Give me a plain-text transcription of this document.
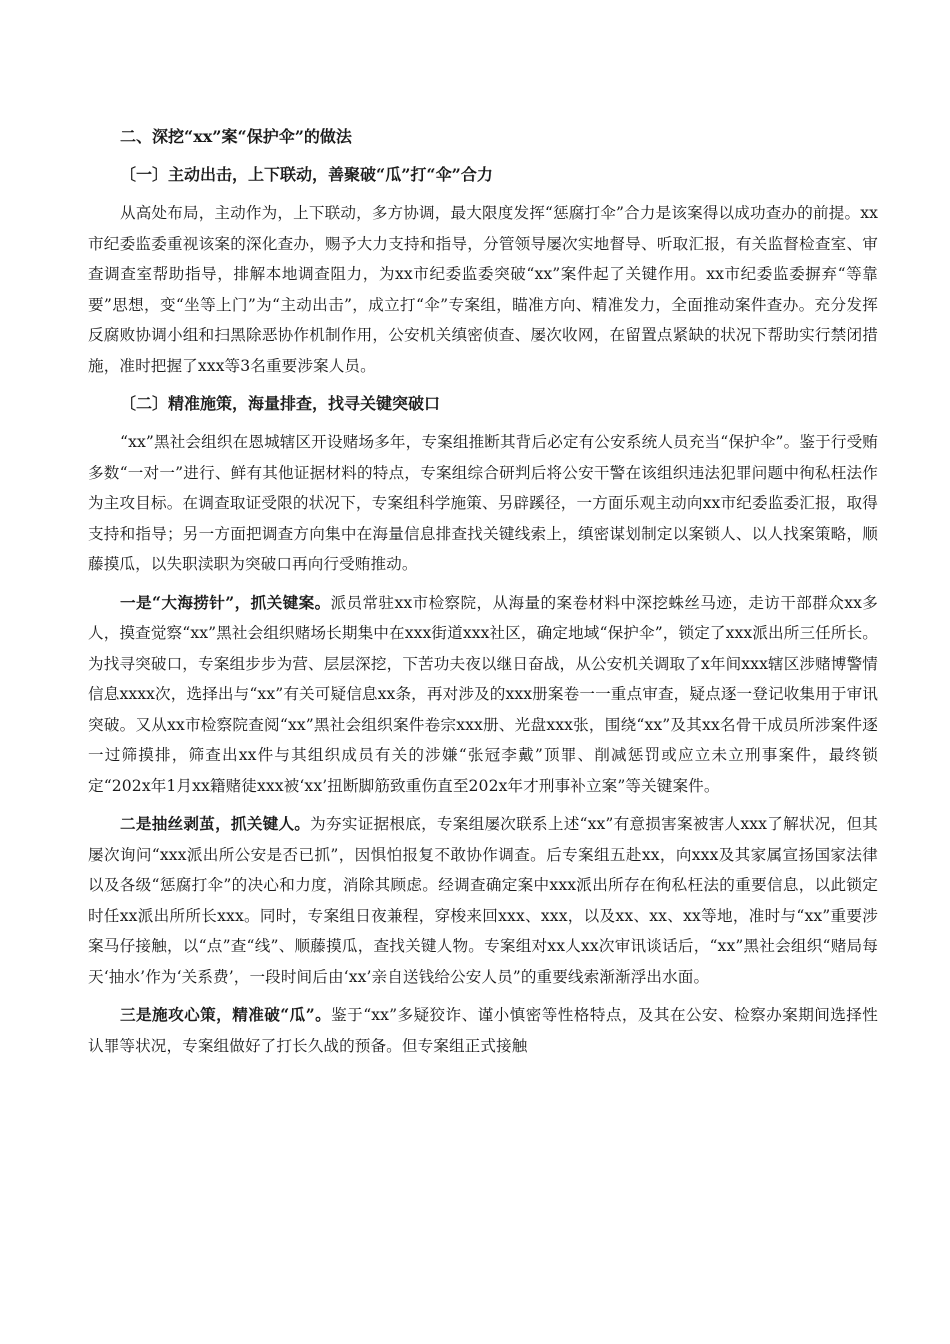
二、深挖“xx”案“保护伞”的做法
〔一〕主动出击，上下联动，善聚破“瓜”打“伞”合力

从高处布局，主动作为，上下联动，多方协调，最大限度发挥“惩腐打伞”合力是该案得以成功查办的前提。xx市纪委监委重视该案的深化查办，赐予大力支持和指导，分管领导屡次实地督导、听取汇报，有关监督检查室、审查调查室帮助指导，排解本地调查阻力，为xx市纪委监委突破“xx”案件起了关键作用。xx市纪委监委摒弃“等靠要”思想，变“坐等上门”为“主动出击”，成立打“伞”专案组，瞄准方向、精准发力，全面推动案件查办。充分发挥反腐败协调小组和扫黑除恶协作机制作用，公安机关缜密侦查、屡次收网，在留置点紧缺的状况下帮助实行禁闭措施，准时把握了xxx等3名重要涉案人员。

〔二〕精准施策，海量排查，找寻关键突破口

“xx”黑社会组织在恩城辖区开设赌场多年，专案组推断其背后必定有公安系统人员充当“保护伞”。鉴于行受贿多数“一对一”进行、鲜有其他证据材料的特点，专案组综合研判后将公安干警在该组织违法犯罪问题中徇私枉法作为主攻目标。在调查取证受限的状况下，专案组科学施策、另辟蹊径，一方面乐观主动向xx市纪委监委汇报，取得支持和指导；另一方面把调查方向集中在海量信息排查找关键线索上，缜密谋划制定以案锁人、以人找案策略，顺藤摸瓜，以失职渎职为突破口再向行受贿推动。

一是“大海捞针”，抓关键案。派员常驻xx市检察院，从海量的案卷材料中深挖蛛丝马迹，走访干部群众xx多人，摸查觉察“xx”黑社会组织赌场长期集中在xxx街道xxx社区，确定地域“保护伞”，锁定了xxx派出所三任所长。为找寻突破口，专案组步步为营、层层深挖，下苦功夫夜以继日奋战，从公安机关调取了x年间xxx辖区涉赌博警情信息xxxx次，选择出与“xx”有关可疑信息xx条，再对涉及的xxx册案卷一一重点审查，疑点逐一登记收集用于审讯突破。又从xx市检察院查阅“xx”黑社会组织案件卷宗xxx册、光盘xxx张，围绕“xx”及其xx名骨干成员所涉案件逐一过筛摸排，筛查出xx件与其组织成员有关的涉嫌“张冠李戴”顶罪、削减惩罚或应立未立刑事案件，最终锁定“202x年1月xx籍赌徒xxx被‘xx’扭断脚筋致重伤直至202x年才刑事补立案”等关键案件。

二是抽丝剥茧，抓关键人。为夯实证据根底，专案组屡次联系上述“xx”有意损害案被害人xxx了解状况，但其屡次询问“xxx派出所公安是否已抓”，因惧怕报复不敢协作调查。后专案组五赴xx，向xxx及其家属宣扬国家法律以及各级“惩腐打伞”的决心和力度，消除其顾虑。经调查确定案中xxx派出所存在徇私枉法的重要信息，以此锁定时任xx派出所所长xxx。同时，专案组日夜兼程，穿梭来回xxx、xxx，以及xx、xx、xx等地，准时与“xx”重要涉案马仔接触，以“点”查“线”、顺藤摸瓜，查找关键人物。专案组对xx人xx次审讯谈话后，“xx”黑社会组织“赌局每天‘抽水’作为‘关系费’，一段时间后由‘xx’亲自送钱给公安人员”的重要线索渐渐浮出水面。

三是施攻心策，精准破“瓜”。鉴于“xx”多疑狡诈、谨小慎密等性格特点，及其在公安、检察办案期间选择性认罪等状况，专案组做好了打长久战的预备。但专案组正式接触
